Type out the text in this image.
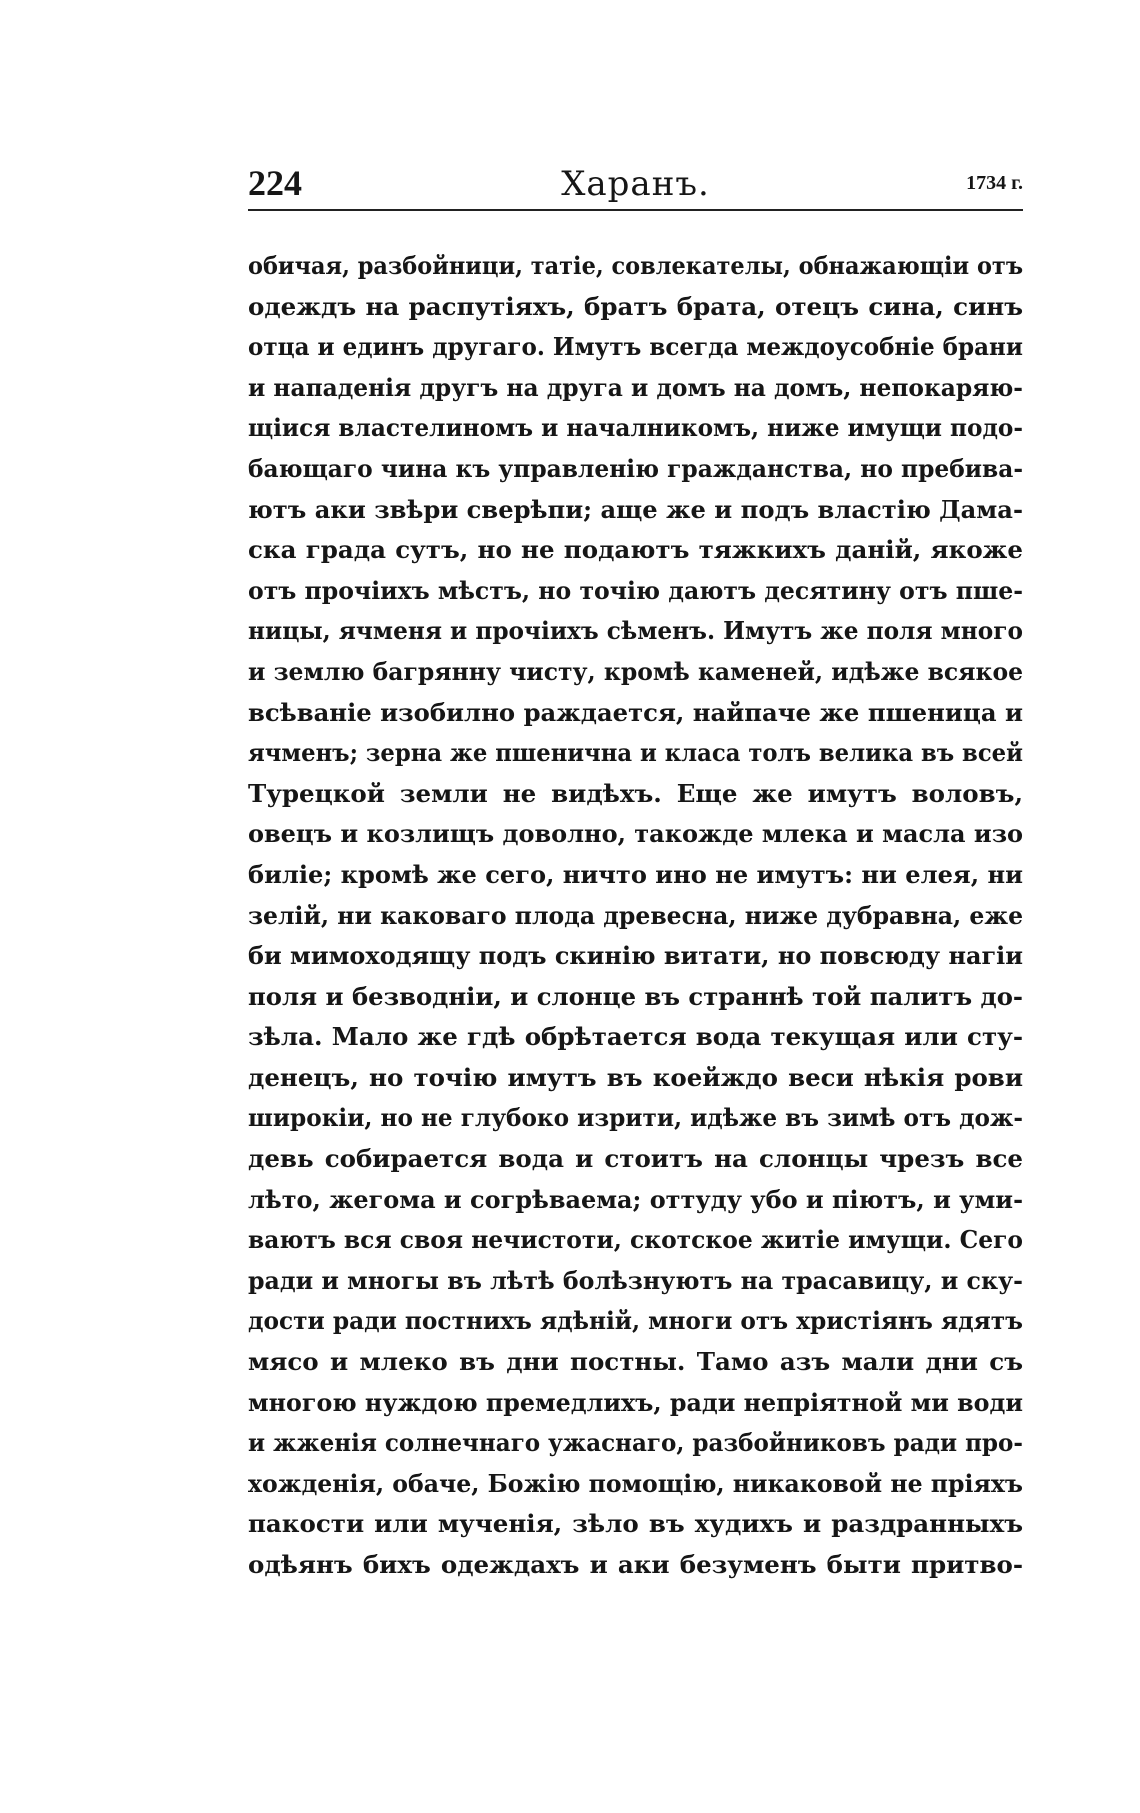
224	Харанъ.	1734 г.
обичая, разбойници, татіе, совлекателы, обнажающіи отъ
одеждъ на распутіяхъ, братъ брата, отецъ сина, синъ
отца и единъ другаго. Имутъ всегда междоусобніе брани
и нападенія другъ на друга и домъ на домъ, непокаряю-
щіися властелиномъ и началникомъ, ниже имущи подо-
бающаго чина къ управленію гражданства, но пребива-
ютъ аки звѣри сверѣпи; аще же и подъ властію Дама-
ска града сутъ, но не подаютъ тяжкихъ даній, якоже
отъ прочіихъ мѣстъ, но точію даютъ десятину отъ пше-
ницы, ячменя и прочіихъ сѣменъ. Имутъ же поля много
и землю багрянну чисту, кромѣ каменей, идѣже всякое
всѣваніе изобилно раждается, найпаче же пшеница и
ячменъ; зерна же пшенична и класа толъ велика въ всей
Турецкой земли не видѣхъ. Еще же имутъ воловъ,
овецъ и козлищъ доволно, такожде млека и масла изо
биліе; кромѣ же сего, ничто ино не имутъ: ни елея, ни
зелій, ни каковаго плода древесна, ниже дубравна, еже
би мимоходящу подъ скинію витати, но повсюду нагіи
поля и безводніи, и слонце въ страннѣ той палитъ до-
зѣла. Мало же гдѣ обрѣтается вода текущая или сту-
денецъ, но точію имутъ въ коейждо веси нѣкія рови
широкіи, но не глубоко изрити, идѣже въ зимѣ отъ дож-
девь собирается вода и стоитъ на слонцы чрезъ все
лѣто, жегома и согрѣваема; оттуду убо и піютъ, и уми-
ваютъ вся своя нечистоти, скотское житіе имущи. Сего
ради и многы въ лѣтѣ болѣзнуютъ на трасавицу, и ску-
дости ради постнихъ ядѣній, многи отъ христіянъ ядятъ
мясо и млеко въ дни постны. Тамо азъ мали дни съ
многою нуждою премедлихъ, ради непріятной ми води
и жженія солнечнаго ужаснаго, разбойниковъ ради про-
хожденія, обаче, Божію помощію, никаковой не пріяхъ
пакости или мученія, зѣло въ худихъ и раздранныхъ
одѣянъ бихъ одеждахъ и аки безуменъ быти притво-
